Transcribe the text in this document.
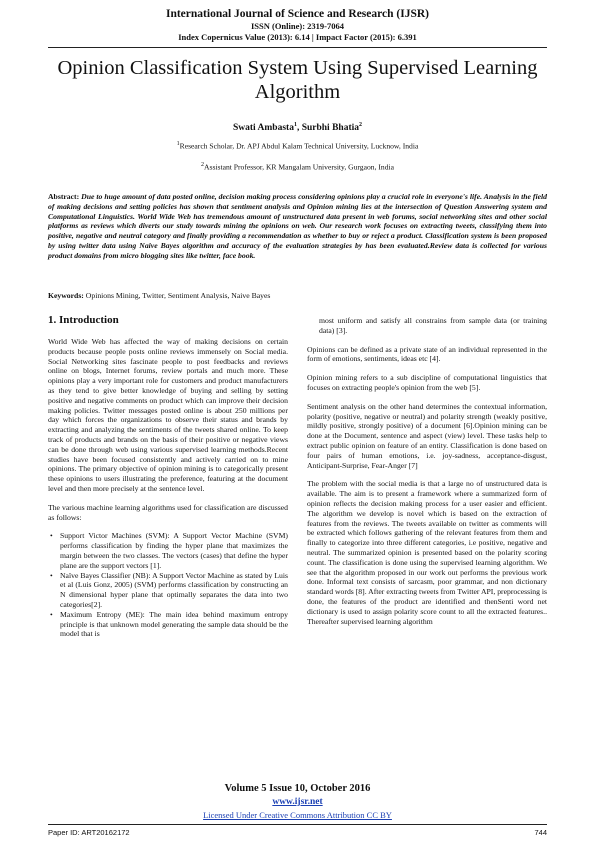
International Journal of Science and Research (IJSR)
ISSN (Online): 2319-7064
Index Copernicus Value (2013): 6.14 | Impact Factor (2015): 6.391
Opinion Classification System Using Supervised Learning Algorithm
Swati Ambasta$^1$, Surbhi Bhatia$^2$
$^1$Research Scholar, Dr. APJ Abdul Kalam Technical University, Lucknow, India
$^2$Assistant Professor, KR Mangalam University, Gurgaon, India
Abstract: Due to huge amount of data posted online, decision making process considering opinions play a crucial role in everyone's life. Analysis in the field of making decisions and setting policies has shown that sentiment analysis and Opinion mining lies at the intersection of Question Answering system and Computational Linguistics. World Wide Web has tremendous amount of unstructured data present in web forums, social networking sites and other social platforms as reviews which diverts our study towards mining the opinions on web. Our research work focuses on extracting tweets, classifying them into positive, negative and neutral category and finally providing a recommendation as whether to buy or reject a product. Classification system is been proposed by using twitter data using Naive Bayes algorithm and accuracy of the evaluation strategies by has been evaluated.Review data is collected for various product domains from micro blogging sites like twitter, face book.
Keywords: Opinions Mining, Twitter, Sentiment Analysis, Naive Bayes
1. Introduction

World Wide Web has affected the way of making decisions on certain products because people posts online reviews immensely on Social media. Social Networking sites fascinate people to post feedbacks and reviews online on blogs, Internet forums, review portals and much more. These opinions play a very important role for customers and product manufacturers as they tend to give better knowledge of buying and selling by setting positive and negative comments on product which can improve their decision making policies. Twitter messages posted online is about 250 millions per day which forces the organizations to observe their status and brands by extracting and analyzing the sentiments of the tweets shared online. To keep track of products and brands on the basis of their positive or negative views can be done through web using various supervised learning methods.Recent studies have been focused consistently and actively carried on to mine opinions. The primary objective of opinion mining is to categorically present these opinions to users illustrating the preference, featuring at the document level and then more precisely at the sentence level.

The various machine learning algorithms used for classification are discussed as follows:

• Support Victor Machines (SVM): A Support Vector Machine (SVM) performs classification by finding the hyper plane that maximizes the margin between the two classes. The vectors (cases) that define the hyper plane are the support vectors [1].
• Naïve Bayes Classifier (NB): A Support Vector Machine as stated by Luis et al (Luis Gonz, 2005) (SVM) performs classification by constructing an N dimensional hyper plane that optimally separates the data into two categories[2].
• Maximum Entropy (ME): The main idea behind maximum entropy principle is that unknown model generating the sample data should be the model that is

most uniform and satisfy all constrains from sample data (or training data) [3].

Opinions can be defined as a private state of an individual represented in the form of emotions, sentiments, ideas etc [4].

Opinion mining refers to a sub discipline of computational linguistics that focuses on extracting people's opinion from the web [5].

Sentiment analysis on the other hand determines the contextual information, polarity (positive, negative or neutral) and polarity strength (weakly positive, mildly positive, strongly positive) of a document [6].Opinion mining can be done at the Document, sentence and aspect (view) level. These tasks help to extract public opinion on feature of an entity. Classification is done based on four pairs of human emotions, i.e. joy-sadness, acceptance-disgust, Anticipant-Surprise, Fear-Anger [7]

The problem with the social media is that a large no of unstructured data is available. The aim is to present a framework where a summarized form of opinion reflects the decision making process for a user easier and efficient. The algorithm we develop is novel which is based on the extraction of features from the reviews. The tweets available on twitter as comments will be extracted which follows gathering of the relevant features from them and finally to categorize into three different categories, i.e positive, negative and neutral. The summarized opinion is presented based on the polarity scoring count. The classification is done using the supervised learning algorithm. We see that the algorithm proposed in our work out performs the previous work done. Informal text consists of sarcasm, poor grammar, and non dictionary standard words [8]. After extracting tweets from Twitter API, preprocessing is done, the features of the product are identified and thenSenti word net dictionary is used to assign polarity score count to all the extracted features.. Thereafter supervised learning algorithm

Volume 5 Issue 10, October 2016
www.ijsr.net
Licensed Under Creative Commons Attribution CC BY
Paper ID: ART20162172	744
